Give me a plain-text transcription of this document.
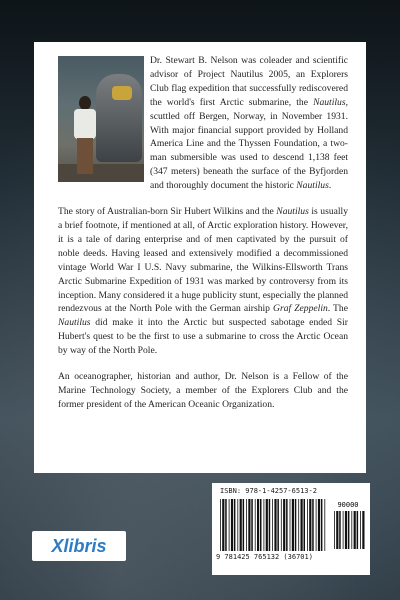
Dr. Stewart B. Nelson was coleader and scientific advisor of Project Nautilus 2005, an Explorers Club flag expedition that successfully rediscovered the world's first Arctic submarine, the Nautilus, scuttled off Bergen, Norway, in November 1931. With major financial support provided by Holland America Line and the Thyssen Foundation, a two-man submersible was used to descend 1,138 feet (347 meters) beneath the surface of the Byfjorden and thoroughly document the historic Nautilus.

The story of Australian-born Sir Hubert Wilkins and the Nautilus is usually a brief footnote, if mentioned at all, of Arctic exploration history. However, it is a tale of daring enterprise and of men captivated by the pursuit of noble deeds. Having leased and extensively modified a decommissioned vintage World War I U.S. Navy submarine, the Wilkins-Ellsworth Trans Arctic Submarine Expedition of 1931 was marked by controversy from its inception. Many considered it a huge publicity stunt, especially the planned rendezvous at the North Pole with the German airship Graf Zeppelin. The Nautilus did make it into the Arctic but suspected sabotage ended Sir Hubert's quest to be the first to use a submarine to cross the Arctic Ocean by way of the North Pole.

An oceanographer, historian and author, Dr. Nelson is a Fellow of the Marine Technology Society, a member of the Explorers Club and the former president of the American Oceanic Organization.

Xlibris
ISBN: 978-1-4257-6513-2
90000
9 781425 765132 (36701)
